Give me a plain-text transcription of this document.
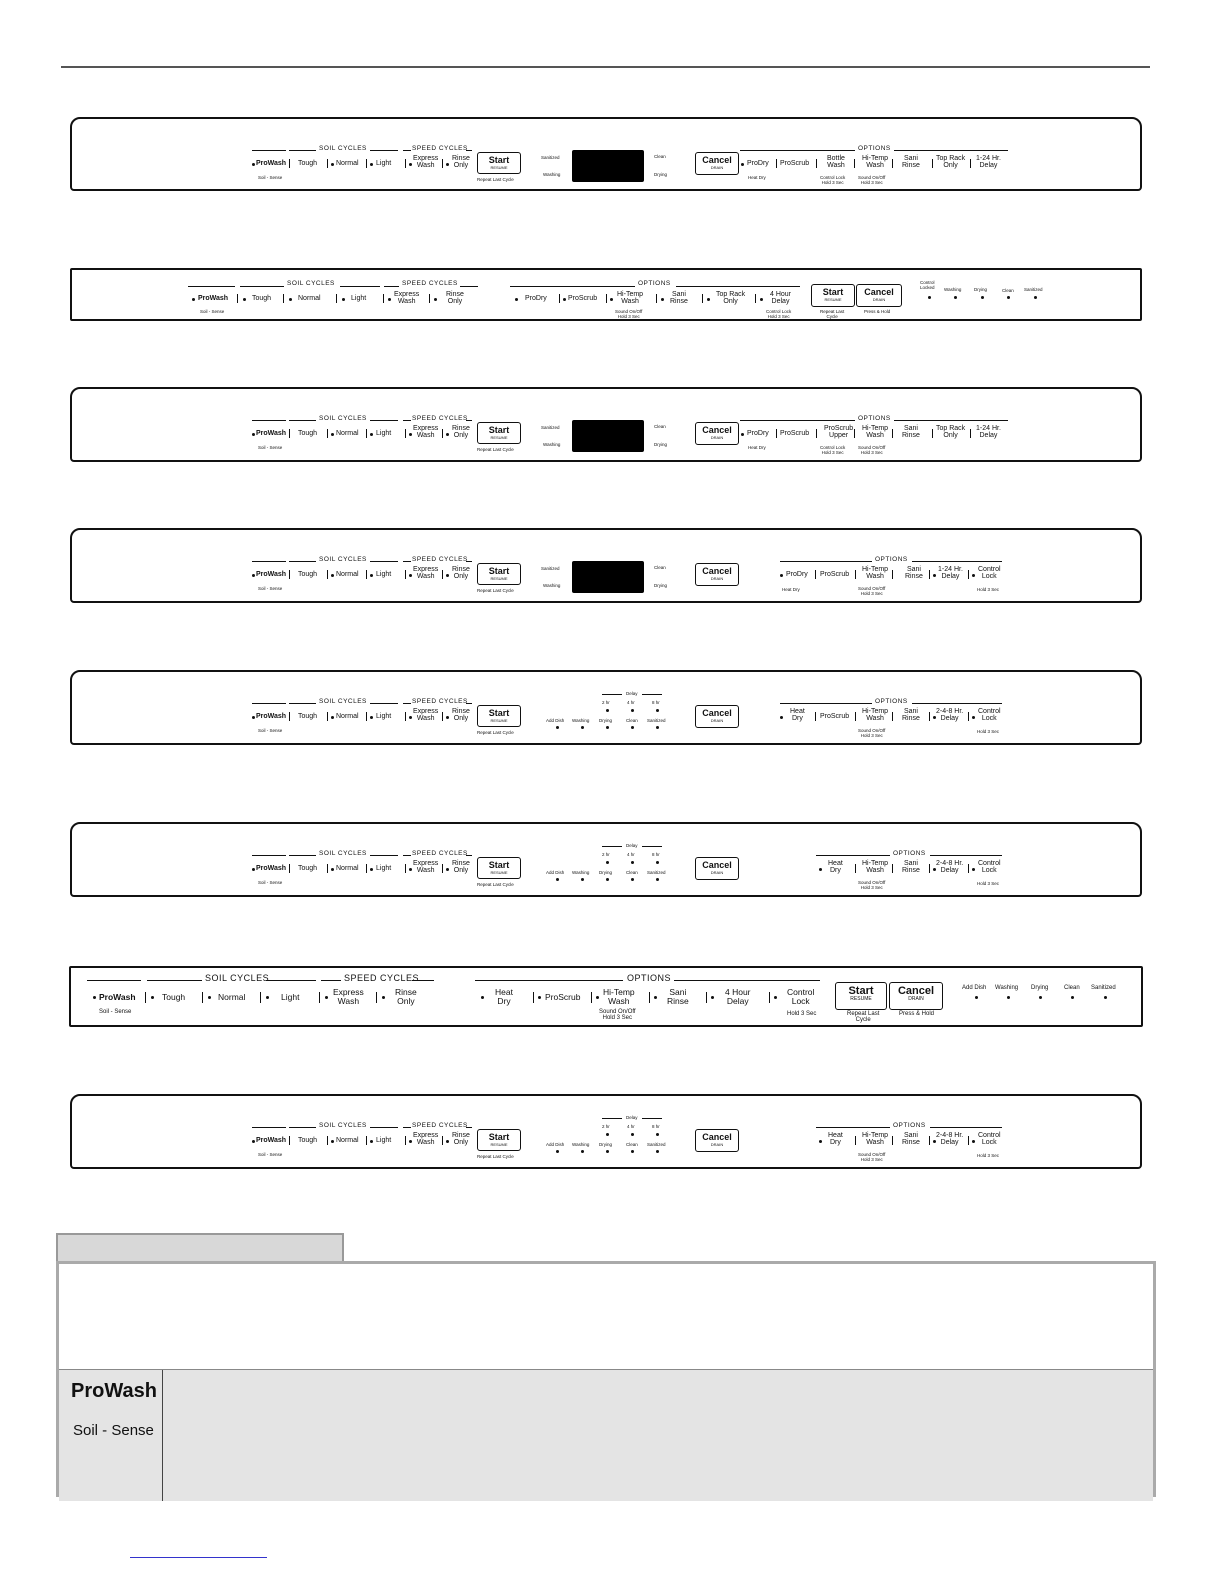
SOIL CYCLES	SPEED CYCLES
ProWash
Soil - Sense
Tough	Normal Light
Express
Wash
Rinse
Only
Start
RESUME
Repeat Last Cycle
Sanitized
Washing
Clean
Drying
Cancel
DRAIN
OPTIONS
ProDry
Heat Dry
ProScrub
Bottle
Wash
Control Lock
Hold 3 Sec
Hi-Temp
Wash
Sound On/Off
Hold 3 Sec
Sani
Rinse
Top Rack
Only
1-24 Hr.
Delay
SOIL CYCLES	SPEED CYCLES
ProWash
Soil - Sense
Tough	Normal	Light
Express
Wash
Rinse
Only
OPTIONS
ProDry	ProScrub
Hi-Temp
Wash
Sound On/Off
Hold 3 Sec
Sani
Rinse
Top Rack
Only
4 Hour
Delay
Control Lock
Hold 3 Sec
Start
RESUME
Cancel
DRAIN
Repeat Last
Cycle
Press & Hold
Control
Locked Washing	Drying	Clean Sanitized
SOIL CYCLES	SPEED CYCLES
ProWash
Soil - Sense
Tough	Normal Light
Express
Wash
Rinse
Only
Start
RESUME
Repeat Last Cycle
Sanitized
Washing
Clean
Drying
Cancel
DRAIN
OPTIONS
ProDry
Heat Dry
ProScrub
ProScrub
Upper
Control Lock
Hold 3 Sec
Hi-Temp
Wash
Sound On/Off
Hold 3 Sec
Sani
Rinse
Top Rack
Only
1-24 Hr.
Delay
SOIL CYCLES	SPEED CYCLES
ProWash
Soil - Sense
Tough	Normal Light
Express
Wash
Rinse
Only
Start
RESUME
Repeat Last Cycle
Sanitized
Washing
Clean
Drying
Cancel
DRAIN
OPTIONS
ProDry
Heat Dry
ProScrub
Hi-Temp
Wash
Sound On/Off
Hold 3 Sec
Sani
Rinse
1-24 Hr.
Delay
Control
Lock
Hold 3 Sec
SOIL CYCLES	SPEED CYCLES
ProWash
Soil - Sense
Tough	Normal Light
Express
Wash
Rinse
Only
Start
RESUME
Repeat Last Cycle
Delay
2 hr	4 hr	8 hr
Add Dish Washing Drying	Clean Sanitized
Cancel
DRAIN
OPTIONS
Heat
Dry ProScrub
Hi-Temp
Wash
Sound On/Off
Hold 3 Sec
Sani
Rinse
2-4-8 Hr.
Delay
Control
Lock
Hold 3 Sec
SOIL CYCLES	SPEED CYCLES
ProWash
Soil - Sense
Tough	Normal Light
Express
Wash
Rinse
Only
Start
RESUME
Repeat Last Cycle
Delay
2 hr	4 hr	8 hr
Add Dish Washing Drying	Clean Sanitized
Cancel
DRAIN
OPTIONS
Heat
Dry
Hi-Temp
Wash
Sound On/Off
Hold 3 Sec
Sani
Rinse
2-4-8 Hr.
Delay
Control
Lock
Hold 3 Sec
SOIL CYCLES	SPEED CYCLES
ProWash
Soil - Sense
Tough	Normal	Light	Express
Wash
Rinse
Only
OPTIONS
Heat
Dry	ProScrub	Hi-Temp
Wash
Sound On/Off
Hold 3 Sec
Sani
Rinse
4 Hour
Delay
Control
Lock
Hold 3 Sec
Start
RESUME
Cancel
DRAIN
Repeat Last
Cycle
Press & Hold
Add Dish Washing Drying	Clean Sanitized
SOIL CYCLES	SPEED CYCLES
ProWash
Soil - Sense
Tough	Normal Light
Express
Wash
Rinse
Only
Start
RESUME
Repeat Last Cycle
Delay
2 hr	4 hr	8 hr
Add Dish Washing Drying	Clean Sanitized
Cancel
DRAIN
OPTIONS
Heat
Dry
Hi-Temp
Wash
Sound On/Off
Hold 3 Sec
Sani
Rinse
2-4-8 Hr.
Delay
Control
Lock
Hold 3 Sec
ProWash
Soil - Sense
